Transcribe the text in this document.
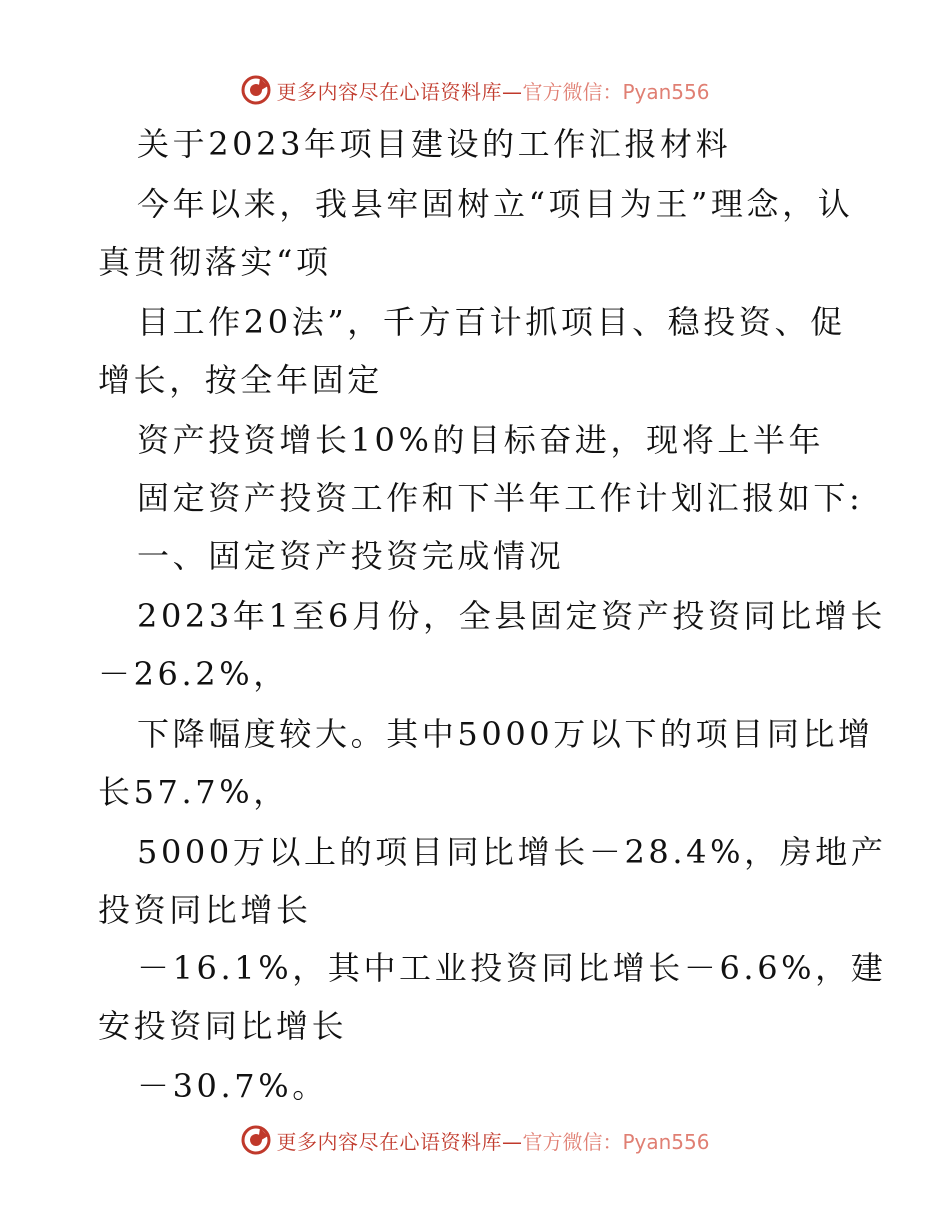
更多内容尽在心语资料库— 官方微信：Pyan556
关于2023年项目建设的工作汇报材料
今年以来，我县牢固树立“项目为王”理念，认
真贯彻落实“项
目工作20法”，千方百计抓项目、稳投资、促
增长，按全年固定
资产投资增长10%的目标奋进，现将上半年
固定资产投资工作和下半年工作计划汇报如下:
一、固定资产投资完成情况
2023年1至6月份，全县固定资产投资同比增长
－26.2%，
下降幅度较大。其中5000万以下的项目同比增
长57.7%，
5000万以上的项目同比增长－28.4%，房地产
投资同比增长
－16.1%，其中工业投资同比增长－6.6%，建
安投资同比增长
－30.7%。
更多内容尽在心语资料库— 官方微信：Pyan556
